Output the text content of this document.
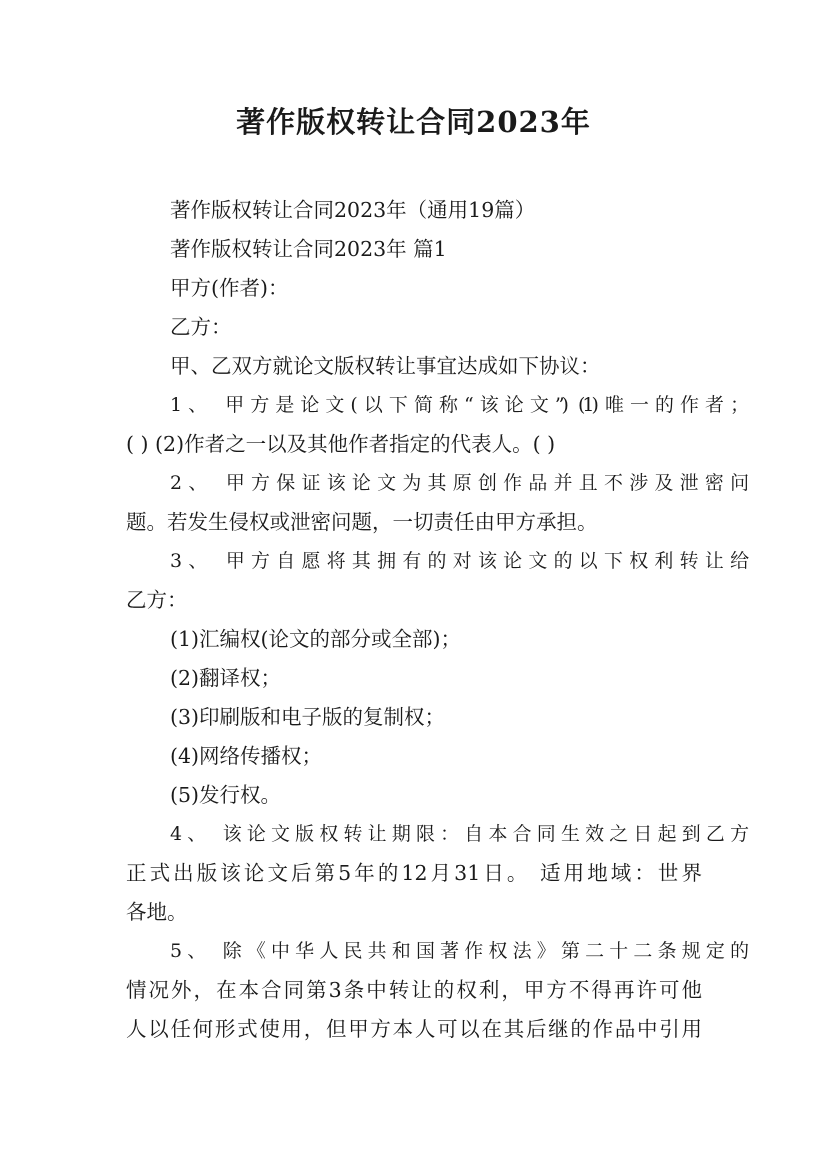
著作版权转让合同2023年
著作版权转让合同2023年（通用19篇）
著作版权转让合同2023年 篇1
甲方(作者)：
乙方：
甲、乙双方就论文版权转让事宜达成如下协议：
1、 甲方是论文(以下简称“该论文”) (1)唯一的作者；
( ) (2)作者之一以及其他作者指定的代表人。( )
2、 甲方保证该论文为其原创作品并且不涉及泄密问
题。若发生侵权或泄密问题，一切责任由甲方承担。
3、 甲方自愿将其拥有的对该论文的以下权利转让给
乙方：
(1)汇编权(论文的部分或全部)；
(2)翻译权；
(3)印刷版和电子版的复制权；
(4)网络传播权；
(5)发行权。
4、 该论文版权转让期限：自本合同生效之日起到乙方
正式出版该论文后第5年的12月31日。 适用地域：世界
各地。
5、 除《中华人民共和国著作权法》第二十二条规定的
情况外，在本合同第3条中转让的权利，甲方不得再许可他
人以任何形式使用，但甲方本人可以在其后继的作品中引用
